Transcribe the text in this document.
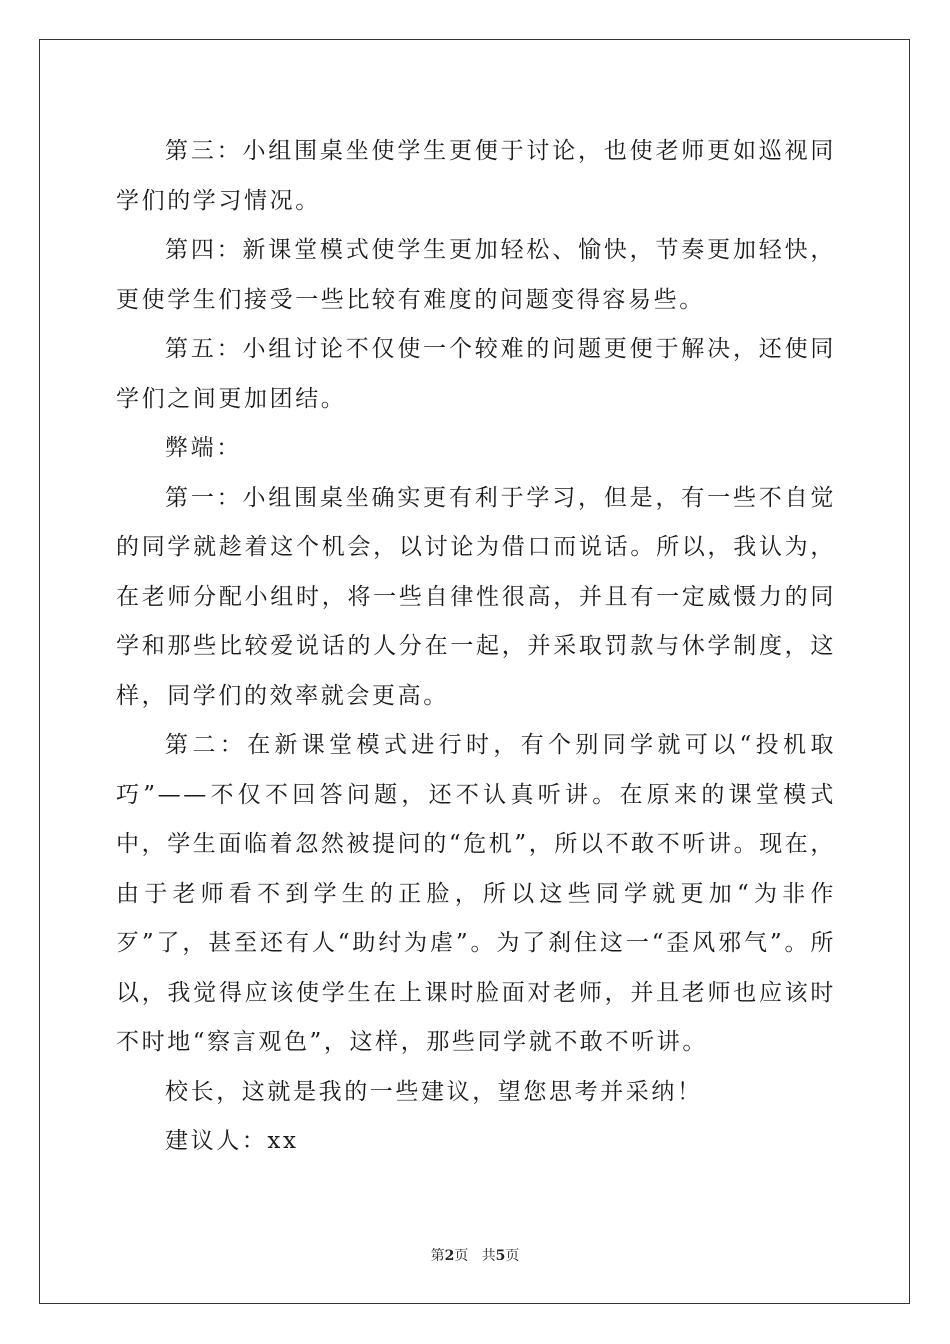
第三：小组围桌坐使学生更便于讨论，也使老师更如巡视同学们的学习情况。

第四：新课堂模式使学生更加轻松、愉快，节奏更加轻快，更使学生们接受一些比较有难度的问题变得容易些。

第五：小组讨论不仅使一个较难的问题更便于解决，还使同学们之间更加团结。

弊端：

第一：小组围桌坐确实更有利于学习，但是，有一些不自觉的同学就趁着这个机会，以讨论为借口而说话。所以，我认为，在老师分配小组时，将一些自律性很高，并且有一定威慑力的同学和那些比较爱说话的人分在一起，并采取罚款与休学制度，这样，同学们的效率就会更高。

第二：在新课堂模式进行时，有个别同学就可以“投机取巧”——不仅不回答问题，还不认真听讲。在原来的课堂模式中，学生面临着忽然被提问的“危机”，所以不敢不听讲。现在，由于老师看不到学生的正脸，所以这些同学就更加“为非作歹”了，甚至还有人“助纣为虐”。为了刹住这一“歪风邪气”。所以，我觉得应该使学生在上课时脸面对老师，并且老师也应该时不时地“察言观色”，这样，那些同学就不敢不听讲。

校长，这就是我的一些建议，望您思考并采纳！

建议人：xx

第2页 共5页
